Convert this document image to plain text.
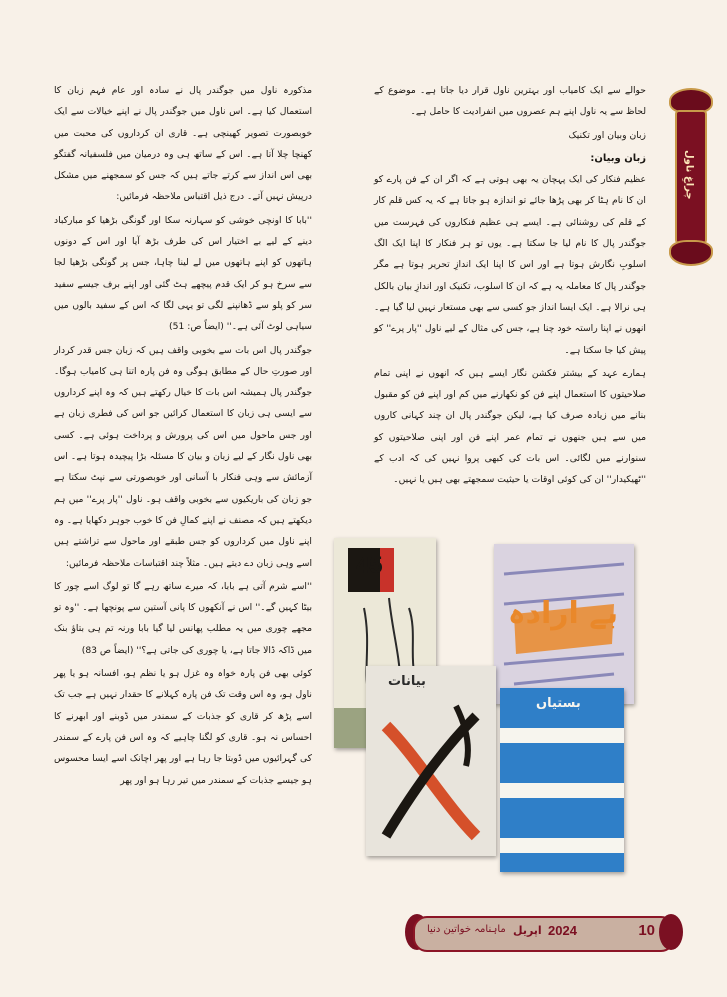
چراغِ ناول

حوالے سے ایک کامیاب اور بہترین ناول قرار دیا جاتا ہے۔ موضوع کے لحاظ سے یہ ناول اپنے ہم عصروں میں انفرادیت کا حامل ہے۔

زبان وبیان اور تکنیک

زبان وبیان:

عظیم فنکار کی ایک پہچان یہ بھی ہوتی ہے کہ اگر ان کے فن پارے کو ان کا نام ہٹا کر بھی پڑھا جائے تو اندازہ ہو جاتا ہے کہ یہ کس قلم کار کے قلم کی روشنائی ہے۔ ایسے ہی عظیم فنکاروں کی فہرست میں جوگندر پال کا نام لیا جا سکتا ہے۔ یوں تو ہر فنکار کا اپنا ایک الگ اسلوبِ نگارش ہوتا ہے اور اس کا اپنا ایک اندازِ تحریر ہوتا ہے مگر جوگندر پال کا معاملہ یہ ہے کہ ان کا اسلوب، تکنیک اور اندازِ بیان بالکل ہی نرالا ہے۔ ایک ایسا انداز جو کسی سے بھی مستعار نہیں لیا گیا ہے۔ انھوں نے اپنا راستہ خود چنا ہے، جس کی مثال کے لیے ناول ''پار پرے'' کو پیش کیا جا سکتا ہے۔

ہمارے عہد کے بیشتر فکشن نگار ایسے ہیں کہ انھوں نے اپنی تمام صلاحیتوں کا استعمال اپنے فن کو نکھارنے میں کم اور اپنے فن کو مقبول بنانے میں زیادہ صرف کیا ہے، لیکن جوگندر پال ان چند کہانی کاروں میں سے ہیں جنھوں نے تمام عمر اپنے فن اور اپنی صلاحیتوں کو سنوارنے میں لگائی۔ اس بات کی کبھی پروا نہیں کی کہ ادب کے ''ٹھیکیدار'' ان کی کوئی اوقات یا حیثیت سمجھتے بھی ہیں یا نہیں۔

مذکورہ ناول میں جوگندر پال نے سادہ اور عام فہم زبان کا استعمال کیا ہے۔ اس ناول میں جوگندر پال نے اپنے خیالات سے ایک خوبصورت تصویر کھینچی ہے۔ قاری ان کرداروں کی محبت میں کھنچا چلا آتا ہے۔ اس کے ساتھ ہی وہ درمیان میں فلسفیانہ گفتگو بھی اس انداز سے کرتے جاتے ہیں کہ جس کو سمجھنے میں مشکل درپیش نہیں آتے۔ درج ذیل اقتباس ملاحظہ فرمائیں:

''بابا کا اونچی خوشی کو سہارنہ سکا اور گونگی بڑھیا کو مبارکباد دینے کے لیے بے اختیار اس کی طرف بڑھ آیا اور اس کے دونوں ہاتھوں کو اپنے ہاتھوں میں لے لینا چاہا، جس پر گونگی بڑھیا لجا سے سرخ ہو کر ایک قدم پیچھے ہٹ گئی اور اپنے برف جیسے سفید سر کو پلو سے ڈھانپنے لگی تو یہی لگا کہ اس کے سفید بالوں میں سیاہی لوٹ آئی ہے۔'' (ایضاً ص: 51)

جوگندر پال اس بات سے بخوبی واقف ہیں کہ زبان جس قدر کردار اور صورتِ حال کے مطابق ہوگی وہ فن پارہ اتنا ہی کامیاب ہوگا۔ جوگندر پال ہمیشہ اس بات کا خیال رکھتے ہیں کہ وہ اپنے کرداروں سے ایسی ہی زبان کا استعمال کرائیں جو اس کی فطری زبان ہے اور جس ماحول میں اس کی پرورش و پرداخت ہوئی ہے۔ کسی بھی ناول نگار کے لیے زبان و بیان کا مسئلہ بڑا پیچیدہ ہوتا ہے۔ اس آزمائش سے وہی فنکار با آسانی اور خوبصورتی سے نپٹ سکتا ہے جو زبان کی باریکیوں سے بخوبی واقف ہو۔ ناول ''پار پرے'' میں ہم دیکھتے ہیں کہ مصنف نے اپنے کمالِ فن کا خوب جوہر دکھایا ہے۔ وہ اپنے ناول میں کرداروں کو جس طبقے اور ماحول سے تراشتے ہیں اسے وہی زبان دے دیتے ہیں۔ مثلاً چند اقتباسات ملاحظہ فرمائیں:

''اسے شرم آتی ہے بابا، کہ میرے ساتھ رہے گا تو لوگ اسے چور کا بیٹا کہیں گے۔'' اس نے آنکھوں کا پانی آستین سے پونچھا ہے۔ ''وہ تو مجھے چوری میں یہ مطلب پھانس لیا گیا بابا ورنہ تم ہی بتاؤ بنک میں ڈاکہ ڈالا جاتا ہے، یا چوری کی جاتی ہے؟'' (ایضاً ص 83)

کوئی بھی فن پارہ خواہ وہ غزل ہو یا نظم ہو، افسانہ ہو یا پھر ناول ہو، وہ اس وقت تک فن پارہ کہلانے کا حقدار نہیں ہے جب تک اسے پڑھ کر قاری کو جذبات کے سمندر میں ڈوبنے اور ابھرنے کا احساس نہ ہو۔ قاری کو لگنا چاہیے کہ وہ اس فن پارے کے سمندر کی گہرائیوں میں ڈوبتا جا رہا ہے اور پھر اچانک اسے ایسا محسوس ہو جیسے جذبات کے سمندر میں تیر رہا ہو اور پھر

45
بے ارادہ
بیانات
بستیاں
10
2024
اپریل
ماہنامہ خواتین دنیا
